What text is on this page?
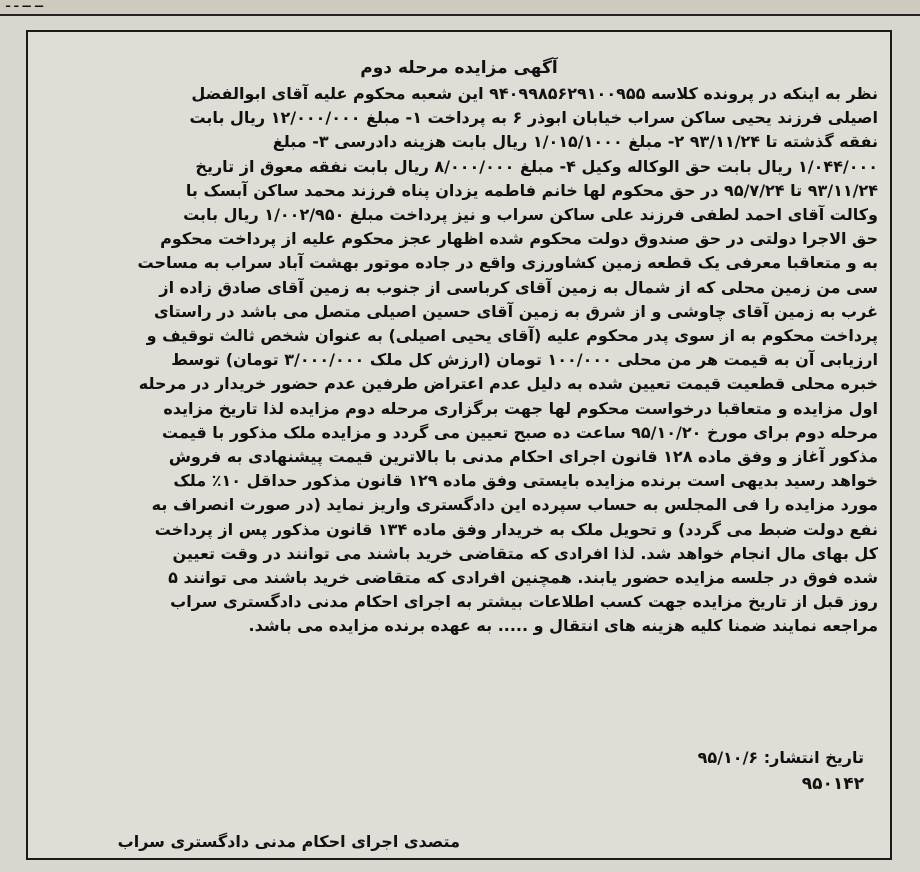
ــ ــ ـ ـ
آگهی مزایده مرحله دوم
نظر به اینکه در پرونده کلاسه ۹۴۰۹۹۸۵۶۲۹۱۰۰۹۵۵ این شعبه محکوم علیه آقای ابوالفضل
اصیلی فرزند یحیی ساکن سراب خیابان ابوذر ۶ به پرداخت ۱- مبلغ ۱۲/۰۰۰/۰۰۰ ریال بابت
نفقه گذشته تا ۹۳/۱۱/۲۴ ۲- مبلغ ۱/۰۱۵/۱۰۰۰ ریال بابت هزینه دادرسی ۳- مبلغ
۱/۰۴۴/۰۰۰ ریال بابت حق الوکاله وکیل ۴- مبلغ ۸/۰۰۰/۰۰۰ ریال بابت نفقه معوق از تاریخ
۹۳/۱۱/۲۴ تا ۹۵/۷/۲۴ در حق محکوم لها خانم فاطمه یزدان پناه فرزند محمد ساکن آبسک با
وکالت آقای احمد لطفی فرزند علی ساکن سراب و نیز پرداخت مبلغ ۱/۰۰۲/۹۵۰ ریال بابت
حق الاجرا دولتی در حق صندوق دولت محکوم شده اظهار عجز محکوم علیه از پرداخت محکوم
به و متعاقبا معرفی یک قطعه زمین کشاورزی واقع در جاده موتور بهشت آباد سراب به مساحت
سی من زمین محلی که از شمال به زمین آقای کرباسی از جنوب به زمین آقای صادق زاده از
غرب به زمین آقای چاوشی و از شرق به زمین آقای حسین اصیلی متصل می باشد در راستای
پرداخت محکوم به از سوی پدر محکوم علیه (آقای یحیی اصیلی) به عنوان شخص ثالث توقیف و
ارزیابی آن به قیمت هر من محلی ۱۰۰/۰۰۰ تومان (ارزش کل ملک ۳/۰۰۰/۰۰۰ تومان) توسط
خبره محلی قطعیت قیمت تعیین شده به دلیل عدم اعتراض طرفین عدم حضور خریدار در مرحله
اول مزایده و متعاقبا درخواست محکوم لها جهت برگزاری مرحله دوم مزایده لذا تاریخ مزایده
مرحله دوم برای مورخ ۹۵/۱۰/۲۰ ساعت ده صبح تعیین می گردد و مزایده ملک مذکور با قیمت
مذکور آغاز و وفق ماده ۱۲۸ قانون اجرای احکام مدنی با بالاترین قیمت پیشنهادی به فروش
خواهد رسید بدیهی است برنده مزایده بایستی وفق ماده ۱۲۹ قانون مذکور حداقل ۱۰٪ ملک
مورد مزایده را فی المجلس به حساب سپرده این دادگستری واریز نماید (در صورت انصراف به
نفع دولت ضبط می گردد) و تحویل ملک به خریدار وفق ماده ۱۳۴ قانون مذکور پس از پرداخت
کل بهای مال انجام خواهد شد. لذا افرادی که متقاضی خرید باشند می توانند در وقت تعیین
شده فوق در جلسه مزایده حضور یابند. همچنین افرادی که متقاضی خرید باشند می توانند ۵
روز قبل از تاریخ مزایده جهت کسب اطلاعات بیشتر به اجرای احکام مدنی دادگستری سراب
مراجعه نمایند ضمنا کلیه هزینه های انتقال و ..... به عهده برنده مزایده می باشد.
تاریخ انتشار: ۹۵/۱۰/۶
۹۵۰۱۴۲
متصدی اجرای احکام مدنی دادگستری سراب
